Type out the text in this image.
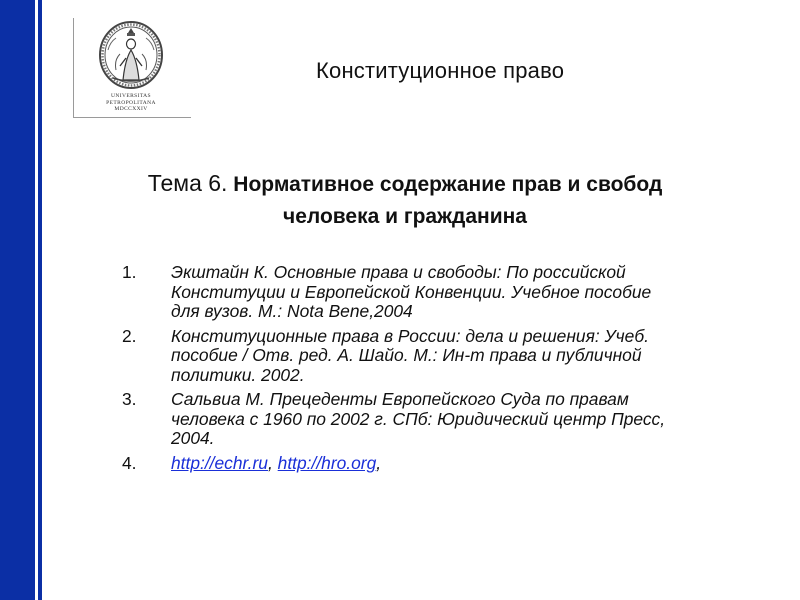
UNIVERSITAS
PETROPOLITANA
MDCCXXIV
Конституционное право
Тема 6. Нормативное содержание прав и свобод человека и гражданина
1. Экштайн К. Основные права и свободы: По российской Конституции и Европейской Конвенции. Учебное пособие для вузов. М.: Nota Bene,2004
2. Конституционные права в России: дела и решения: Учеб. пособие / Отв. ред. А. Шайо. М.: Ин-т права и публичной политики. 2002.
3. Сальвиа М. Прецеденты Европейского Суда по правам человека с 1960 по 2002 г. СПб: Юридический центр Пресс, 2004.
4. http://echr.ru, http://hro.org,
